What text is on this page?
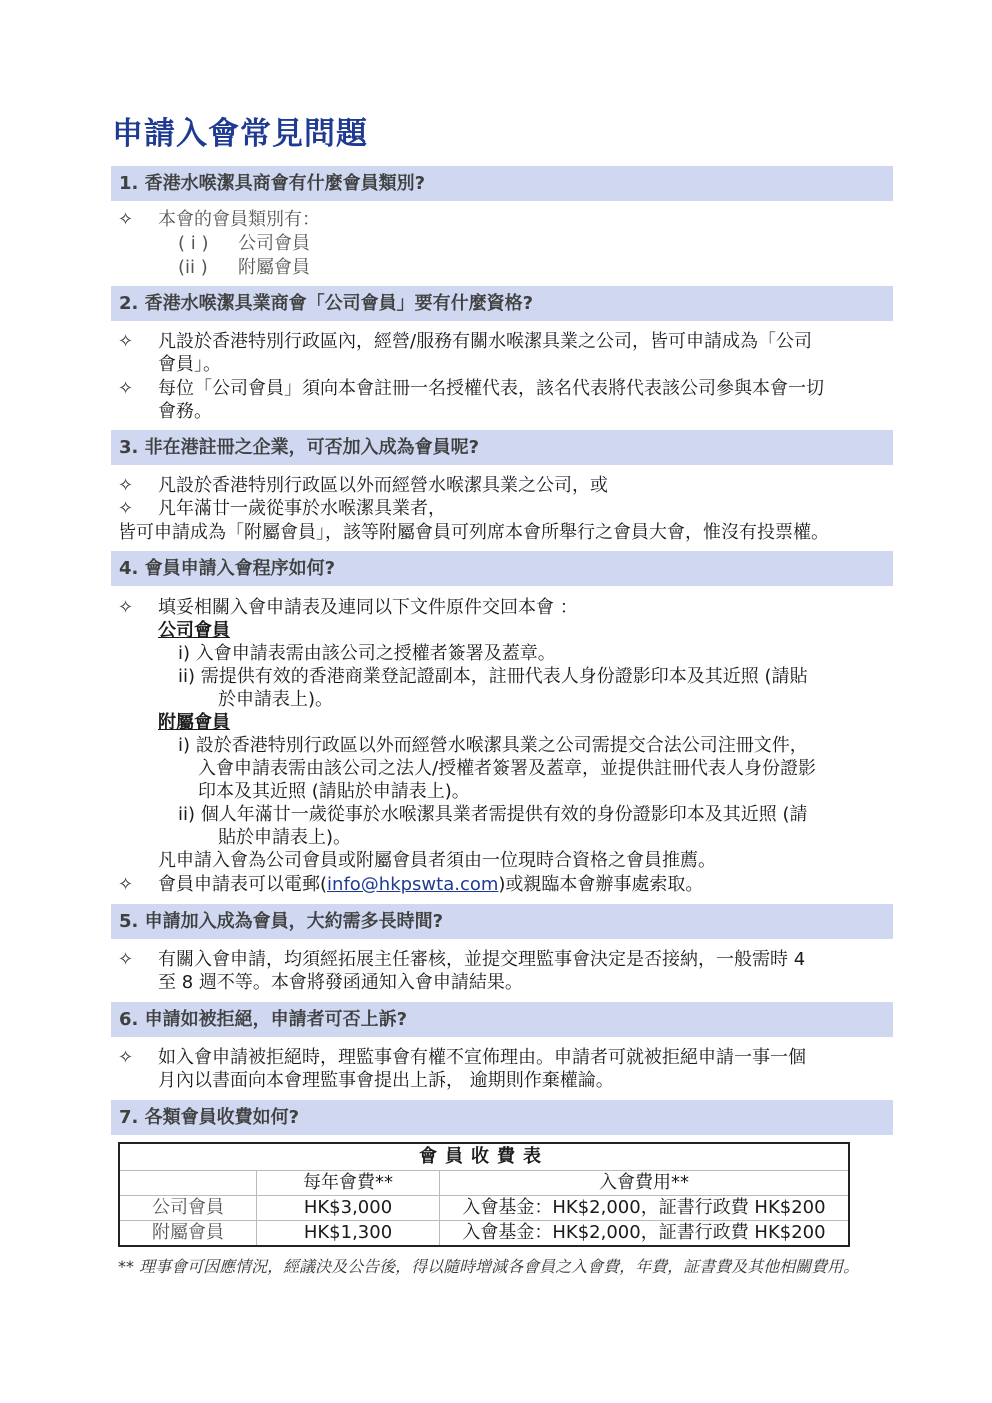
申請入會常見問題
1. 香港水喉潔具商會有什麼會員類別?
✧ 本會的會員類別有：
( i ) 公司會員
(ii ) 附屬會員
2. 香港水喉潔具業商會「公司會員」要有什麼資格?
✧ 凡設於香港特別行政區內，經營/服務有關水喉潔具業之公司，皆可申請成為「公司
會員」。
✧ 每位「公司會員」須向本會註冊一名授權代表，該名代表將代表該公司參與本會一切
會務。
3. 非在港註冊之企業，可否加入成為會員呢?
✧ 凡設於香港特別行政區以外而經營水喉潔具業之公司，或
✧ 凡年滿廿一歲從事於水喉潔具業者，
皆可申請成為「附屬會員」，該等附屬會員可列席本會所舉行之會員大會，惟沒有投票權。
4. 會員申請入會程序如何?
✧ 填妥相關入會申請表及連同以下文件原件交回本會 ：
公司會員
i) 入會申請表需由該公司之授權者簽署及蓋章。
ii) 需提供有效的香港商業登記證副本，註冊代表人身份證影印本及其近照 (請貼
於申請表上)。
附屬會員
i) 設於香港特別行政區以外而經營水喉潔具業之公司需提交合法公司注冊文件，
入會申請表需由該公司之法人/授權者簽署及蓋章，並提供註冊代表人身份證影
印本及其近照 (請貼於申請表上)。
ii) 個人年滿廿一歲從事於水喉潔具業者需提供有效的身份證影印本及其近照 (請
貼於申請表上)。
凡申請入會為公司會員或附屬會員者須由一位現時合資格之會員推薦。
✧ 會員申請表可以電郵(info@hkpswta.com)或親臨本會辦事處索取。
5. 申請加入成為會員，大約需多長時間?
✧ 有關入會申請，均須經拓展主任審核，並提交理監事會決定是否接納，一般需時 4
至 8 週不等。本會將發函通知入會申請結果。
6. 申請如被拒絕，申請者可否上訴?
✧ 如入會申請被拒絕時，理監事會有權不宣佈理由。申請者可就被拒絕申請一事一個
月內以書面向本會理監事會提出上訴， 逾期則作棄權論。
7. 各類會員收費如何?
會員收費表		
	每年會費**	入會費用**
公司會員	HK$3,000	入會基金：HK$2,000，証書行政費 HK$200
附屬會員	HK$1,300	入會基金：HK$2,000，証書行政費 HK$200
** 理事會可因應情況，經議決及公告後，得以隨時增減各會員之入會費，年費，証書費及其他相關費用。
